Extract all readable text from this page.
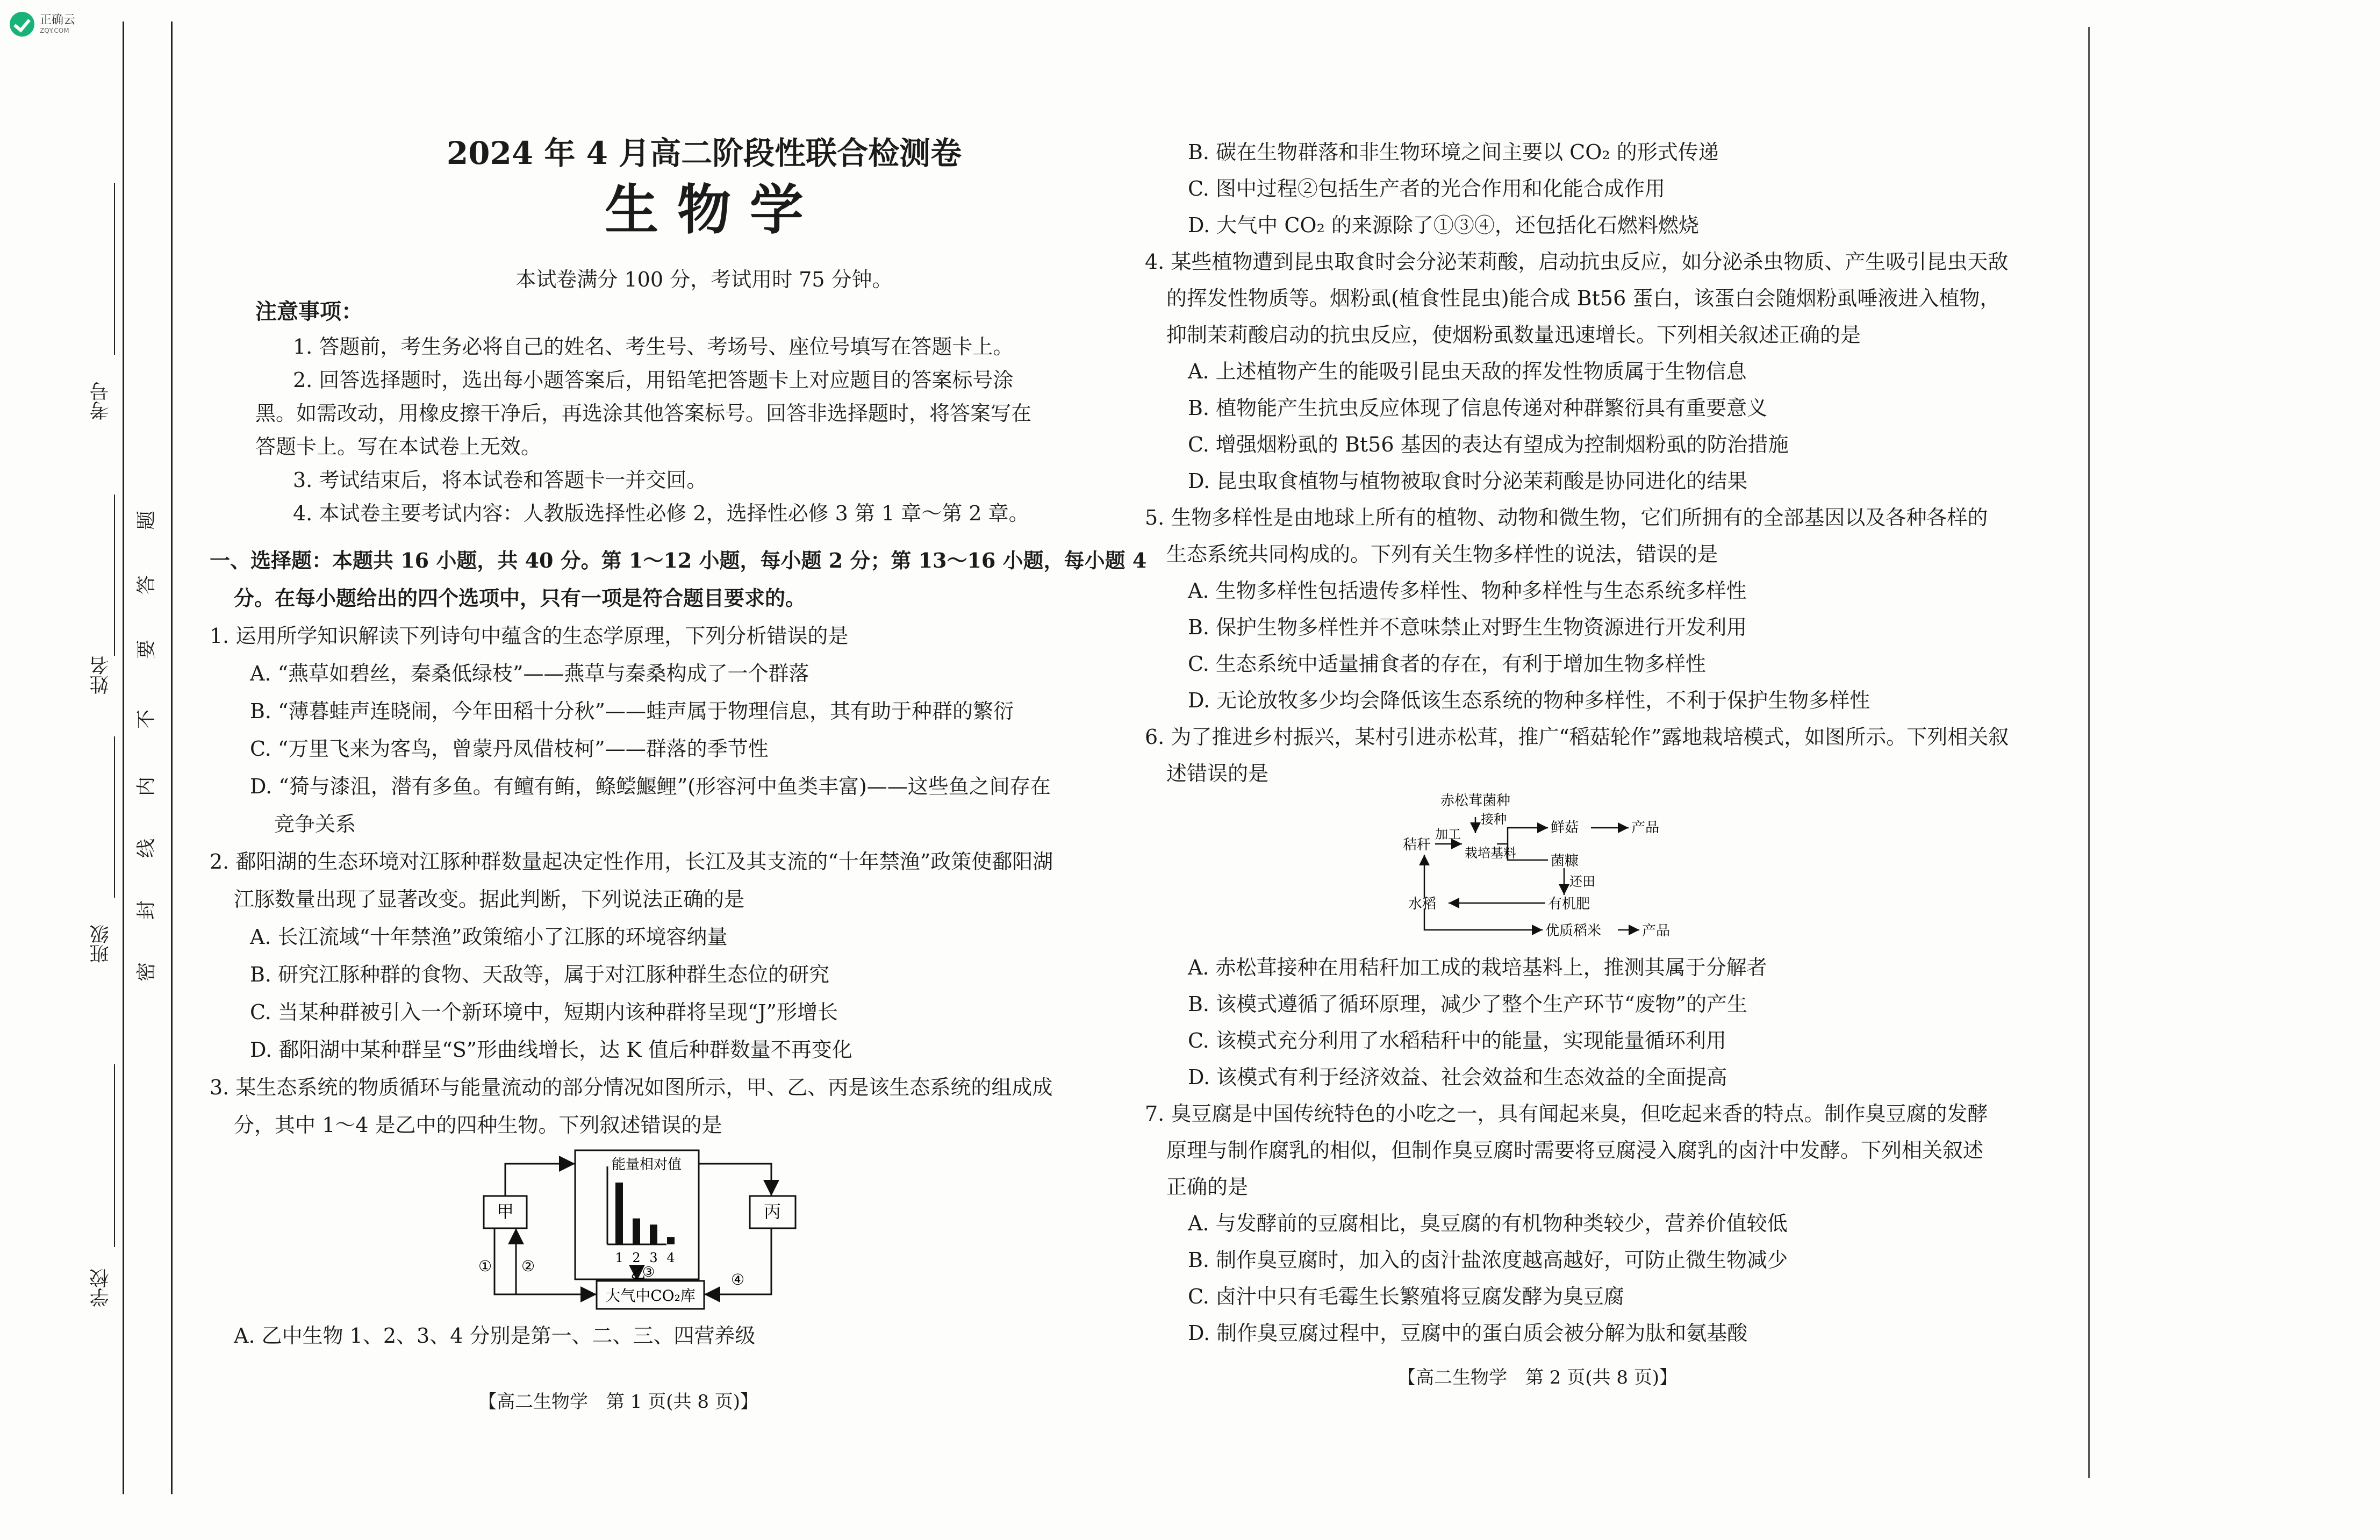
正确云
ZQY.COM
考号
姓名
班级
学校
密
封
线
内
不
要
答
题
2024 年 4 月高二阶段性联合检测卷
生 物 学
本试卷满分 100 分，考试用时 75 分钟。
注意事项：
1. 答题前，考生务必将自己的姓名、考生号、考场号、座位号填写在答题卡上。
2. 回答选择题时，选出每小题答案后，用铅笔把答题卡上对应题目的答案标号涂
黑。如需改动，用橡皮擦干净后，再选涂其他答案标号。回答非选择题时，将答案写在
答题卡上。写在本试卷上无效。
3. 考试结束后，将本试卷和答题卡一并交回。
4. 本试卷主要考试内容：人教版选择性必修 2，选择性必修 3 第 1 章～第 2 章。
一、选择题：本题共 16 小题，共 40 分。第 1～12 小题，每小题 2 分；第 13～16 小题，每小题 4
分。在每小题给出的四个选项中，只有一项是符合题目要求的。
1. 运用所学知识解读下列诗句中蕴含的生态学原理，下列分析错误的是
A. “燕草如碧丝，秦桑低绿枝”——燕草与秦桑构成了一个群落
B. “薄暮蛙声连晓闹，今年田稻十分秋”——蛙声属于物理信息，其有助于种群的繁衍
C. “万里飞来为客鸟，曾蒙丹凤借枝柯”——群落的季节性
D. “猗与漆沮，潜有多鱼。有鳣有鲔，鲦鲿鰋鲤”(形容河中鱼类丰富)——这些鱼之间存在
竞争关系
2. 鄱阳湖的生态环境对江豚种群数量起决定性作用，长江及其支流的“十年禁渔”政策使鄱阳湖
江豚数量出现了显著改变。据此判断，下列说法正确的是
A. 长江流域“十年禁渔”政策缩小了江豚的环境容纳量
B. 研究江豚种群的食物、天敌等，属于对江豚种群生态位的研究
C. 当某种群被引入一个新环境中，短期内该种群将呈现“J”形增长
D. 鄱阳湖中某种群呈“S”形曲线增长，达 K 值后种群数量不再变化
3. 某生态系统的物质循环与能量流动的部分情况如图所示，甲、乙、丙是该生态系统的组成成
分，其中 1～4 是乙中的四种生物。下列叙述错误的是
甲	丙
能量相对值
1 2 3 4
乙
大气中CO₂库
① ②	③	④
A. 乙中生物 1、2、3、4 分别是第一、二、三、四营养级
【高二生物学　第 1 页(共 8 页)】
B. 碳在生物群落和非生物环境之间主要以 CO₂ 的形式传递
C. 图中过程②包括生产者的光合作用和化能合成作用
D. 大气中 CO₂ 的来源除了①③④，还包括化石燃料燃烧
4. 某些植物遭到昆虫取食时会分泌茉莉酸，启动抗虫反应，如分泌杀虫物质、产生吸引昆虫天敌
的挥发性物质等。烟粉虱(植食性昆虫)能合成 Bt56 蛋白，该蛋白会随烟粉虱唾液进入植物，
抑制茉莉酸启动的抗虫反应，使烟粉虱数量迅速增长。下列相关叙述正确的是
A. 上述植物产生的能吸引昆虫天敌的挥发性物质属于生物信息
B. 植物能产生抗虫反应体现了信息传递对种群繁衍具有重要意义
C. 增强烟粉虱的 Bt56 基因的表达有望成为控制烟粉虱的防治措施
D. 昆虫取食植物与植物被取食时分泌茉莉酸是协同进化的结果
5. 生物多样性是由地球上所有的植物、动物和微生物，它们所拥有的全部基因以及各种各样的
生态系统共同构成的。下列有关生物多样性的说法，错误的是
A. 生物多样性包括遗传多样性、物种多样性与生态系统多样性
B. 保护生物多样性并不意味禁止对野生生物资源进行开发利用
C. 生态系统中适量捕食者的存在，有利于增加生物多样性
D. 无论放牧多少均会降低该生态系统的物种多样性，不利于保护生物多样性
6. 为了推进乡村振兴，某村引进赤松茸，推广“稻菇轮作”露地栽培模式，如图所示。下列相关叙
述错误的是
赤松茸菌种
接种
加工
秸秆	栽培基料
鲜菇	产品
菌糠
还田
有机肥
水稻
优质稻米	产品
A. 赤松茸接种在用秸秆加工成的栽培基料上，推测其属于分解者
B. 该模式遵循了循环原理，减少了整个生产环节“废物”的产生
C. 该模式充分利用了水稻秸秆中的能量，实现能量循环利用
D. 该模式有利于经济效益、社会效益和生态效益的全面提高
7. 臭豆腐是中国传统特色的小吃之一，具有闻起来臭，但吃起来香的特点。制作臭豆腐的发酵
原理与制作腐乳的相似，但制作臭豆腐时需要将豆腐浸入腐乳的卤汁中发酵。下列相关叙述
正确的是
A. 与发酵前的豆腐相比，臭豆腐的有机物种类较少，营养价值较低
B. 制作臭豆腐时，加入的卤汁盐浓度越高越好，可防止微生物减少
C. 卤汁中只有毛霉生长繁殖将豆腐发酵为臭豆腐
D. 制作臭豆腐过程中，豆腐中的蛋白质会被分解为肽和氨基酸
【高二生物学　第 2 页(共 8 页)】
